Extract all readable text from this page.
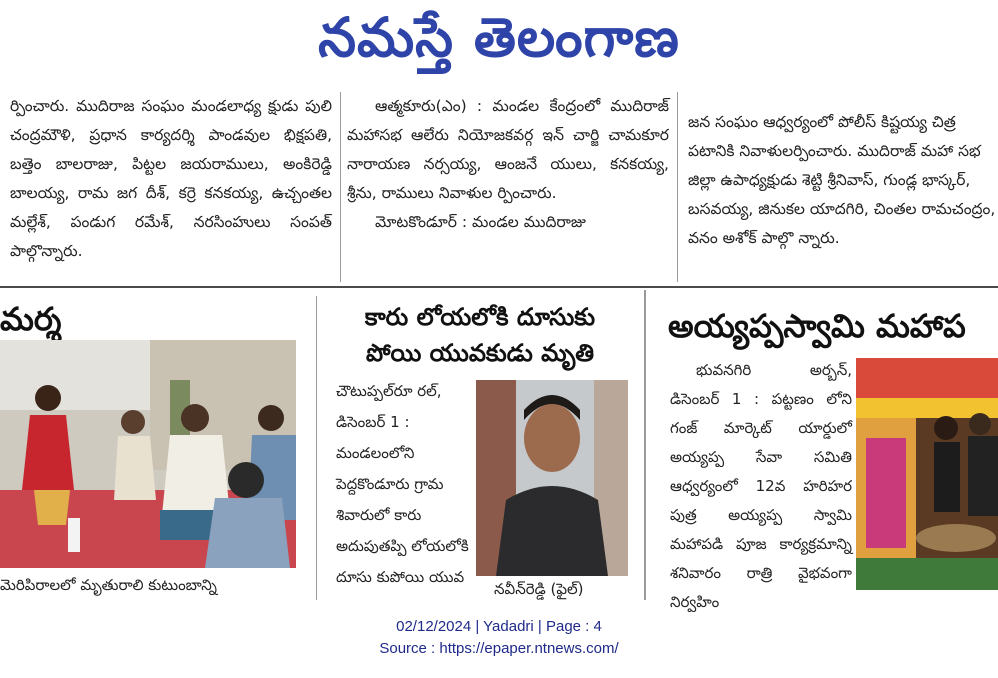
నమస్తే తెలంగాణ

ర్పించారు. ముదిరాజ సంఘం మండలాధ్య క్షుడు పులి చంద్రమౌళి, ప్రధాన కార్యదర్శి పాండవుల భిక్షపతి, బత్తెం బాలరాజు, పిట్టల జయరాములు, అంకిరెడ్డి బాలయ్య, రామ జగ దీశ్, కర్రె కనకయ్య, ఉచ్చంతల మల్లేశ్, పండుగ రమేశ్, నరసింహులు సంపత్ పాల్గొన్నారు.

ఆత్మకూరు(ఎం) : మండల కేంద్రంలో ముదిరాజ్ మహాసభ ఆలేరు నియోజకవర్గ ఇన్ చార్జి చామకూర నారాయణ నర్సయ్య, ఆంజనే యులు, కనకయ్య, శ్రీను, రాములు నివాళుల ర్పించారు.

మోటకొండూర్ : మండల ముదిరాజు

జన సంఘం ఆధ్వర్యంలో పోలీస్ కిష్టయ్య చిత్ర పటానికి నివాళులర్పించారు. ముదిరాజ్ మహా సభ జిల్లా ఉపాధ్యక్షుడు శెట్టి శ్రీనివాస్, గుండ్ల భాస్కర్, బసవయ్య, జినుకల యాదగిరి, చింతల రామచంద్రం, వనం అశోక్ పాల్గొ న్నారు.

మర్శ
మెరిపిరాలలో మృతురాలి కుటుంబాన్ని
కారు లోయలోకి దూసుకు
పోయి యువకుడు మృతి

చౌటుప్పల్‌రూ రల్, డిసెంబర్ 1 : మండలంలోని పెద్దకొండూరు గ్రామ శివారులో కారు అదుపుతప్పి లోయలోకి దూసు కుపోయి యువ

నవీన్‌రెడ్డి (ఫైల్)
అయ్యప్పస్వామి మహాప

భువనగిరి అర్బన్, డిసెంబర్ 1 : పట్టణం లోని గంజ్ మార్కెట్ యార్డులో అయ్యప్ప సేవా సమితి ఆధ్వర్యంలో 12వ హరిహర పుత్ర అయ్యప్ప స్వామి మహాపడి పూజ కార్యక్రమాన్ని శనివారం రాత్రి వైభవంగా నిర్వహిం

02/12/2024 | Yadadri | Page : 4
Source : https://epaper.ntnews.com/
